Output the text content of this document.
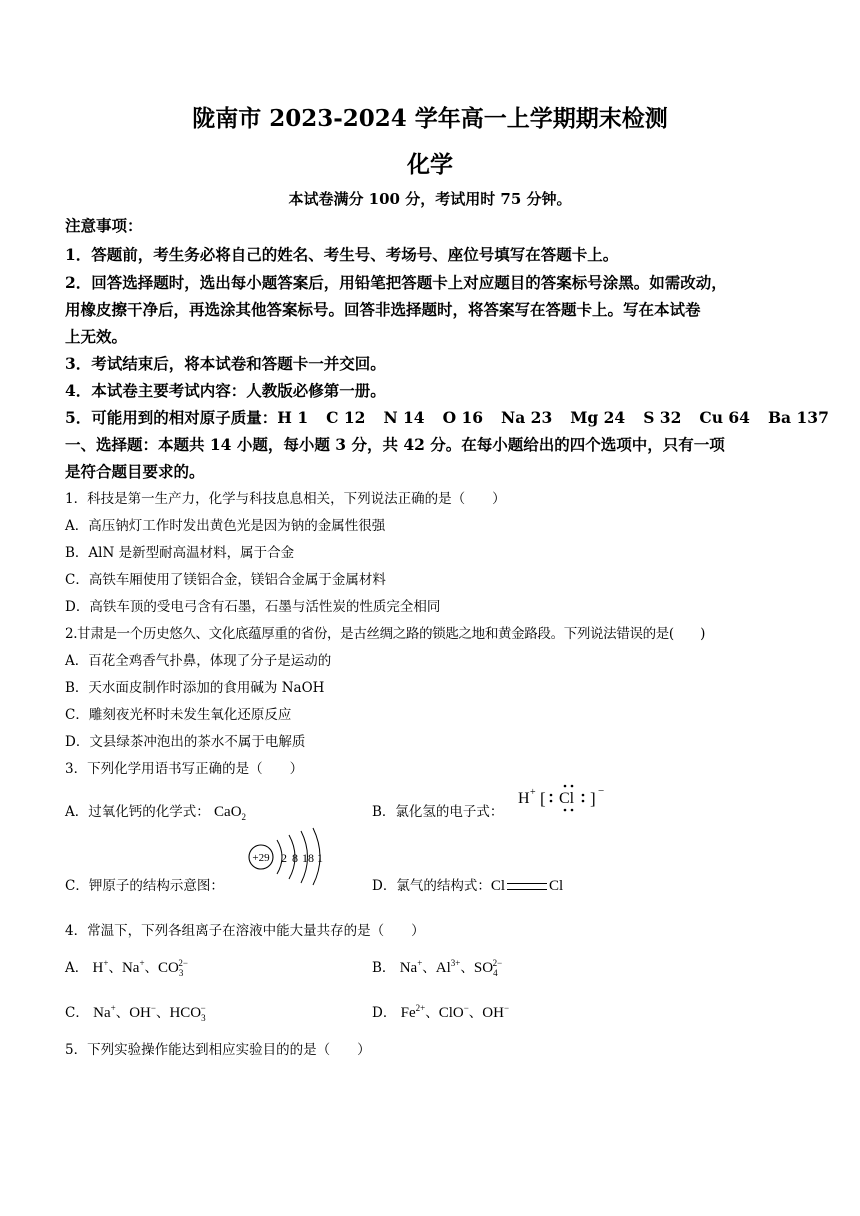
陇南市 2023-2024 学年高一上学期期末检测
化学
本试卷满分 100 分，考试用时 75 分钟。
注意事项：
1．答题前，考生务必将自己的姓名、考生号、考场号、座位号填写在答题卡上。
2．回答选择题时，选出每小题答案后，用铅笔把答题卡上对应题目的答案标号涂黑。如需改动，
用橡皮擦干净后，再选涂其他答案标号。回答非选择题时，将答案写在答题卡上。写在本试卷
上无效。
3．考试结束后，将本试卷和答题卡一并交回。
4．本试卷主要考试内容：人教版必修第一册。
5．可能用到的相对原子质量：H 1 C 12 N 14 O 16 Na 23 Mg 24 S 32 Cu 64 Ba 137
一、选择题：本题共 14 小题，每小题 3 分，共 42 分。在每小题给出的四个选项中，只有一项
是符合题目要求的。
1．科技是第一生产力，化学与科技息息相关，下列说法正确的是（　　）
A．高压钠灯工作时发出黄色光是因为钠的金属性很强
B．AlN 是新型耐高温材料，属于合金
C．高铁车厢使用了镁铝合金，镁铝合金属于金属材料
D．高铁车顶的受电弓含有石墨，石墨与活性炭的性质完全相同
2.甘肃是一个历史悠久、文化底蕴厚重的省份，是古丝绸之路的锁匙之地和黄金路段。下列说法错误的是(　　)
A．百花全鸡香气扑鼻，体现了分子是运动的
B．天水面皮制作时添加的食用碱为 NaOH
C．雕刻夜光杯时未发生氧化还原反应
D．文县绿茶冲泡出的茶水不属于电解质
3．下列化学用语书写正确的是（　　）
A．过氧化钙的化学式： CaO$_2$	B．氯化氢的电子式：
H + [ Cl ] −
C．钾原子的结构示意图：
+29 2 8 18 1
D．氯气的结构式：Cl	Cl
4．常温下，下列各组离子在溶液中能大量共存的是（　　）
A． H+、Na+、$CO_3^{2-}$	B． Na+、$Al^{3+}$、$SO_4^{2-}$
C． Na+、OH−、$HCO_3^-$	D． $Fe^{2+}$、ClO−、OH−
5．下列实验操作能达到相应实验目的的是（　　）
